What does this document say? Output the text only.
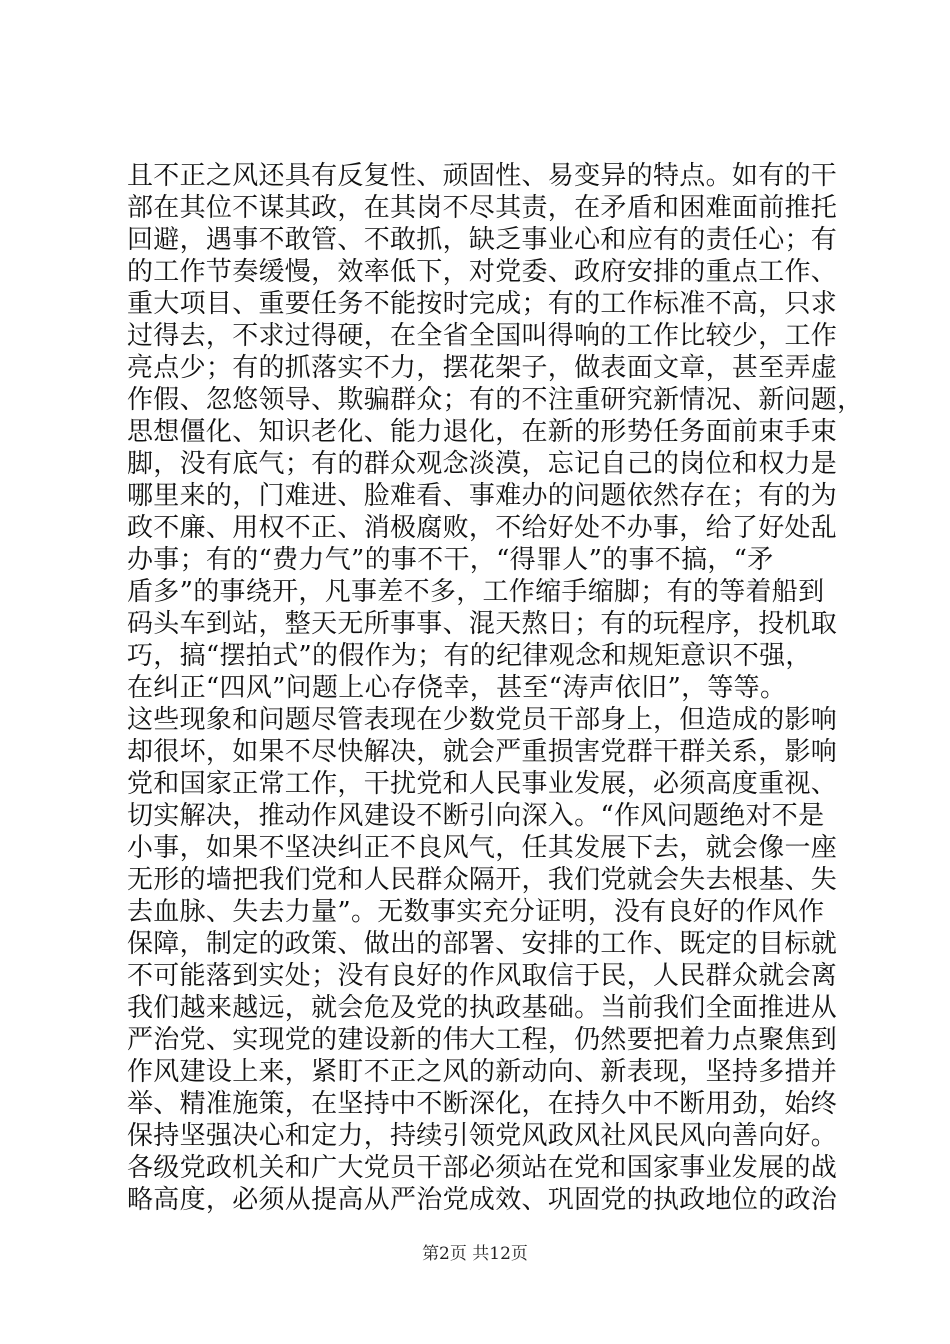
且不正之风还具有反复性、顽固性、易变异的特点。如有的干
部在其位不谋其政，在其岗不尽其责，在矛盾和困难面前推托
回避，遇事不敢管、不敢抓，缺乏事业心和应有的责任心；有
的工作节奏缓慢，效率低下，对党委、政府安排的重点工作、
重大项目、重要任务不能按时完成；有的工作标准不高，只求
过得去，不求过得硬，在全省全国叫得响的工作比较少，工作
亮点少；有的抓落实不力，摆花架子，做表面文章，甚至弄虚
作假、忽悠领导、欺骗群众；有的不注重研究新情况、新问题，
思想僵化、知识老化、能力退化，在新的形势任务面前束手束
脚，没有底气；有的群众观念淡漠，忘记自己的岗位和权力是
哪里来的，门难进、脸难看、事难办的问题依然存在；有的为
政不廉、用权不正、消极腐败，不给好处不办事，给了好处乱
办事；有的“费力气”的事不干，“得罪人”的事不搞，“矛
盾多”的事绕开，凡事差不多，工作缩手缩脚；有的等着船到
码头车到站，整天无所事事、混天熬日；有的玩程序，投机取
巧，搞“摆拍式”的假作为；有的纪律观念和规矩意识不强，
在纠正“四风”问题上心存侥幸，甚至“涛声依旧”，等等。
这些现象和问题尽管表现在少数党员干部身上，但造成的影响
却很坏，如果不尽快解决，就会严重损害党群干群关系，影响
党和国家正常工作，干扰党和人民事业发展，必须高度重视、
切实解决，推动作风建设不断引向深入。“作风问题绝对不是
小事，如果不坚决纠正不良风气，任其发展下去，就会像一座
无形的墙把我们党和人民群众隔开，我们党就会失去根基、失
去血脉、失去力量”。无数事实充分证明，没有良好的作风作
保障，制定的政策、做出的部署、安排的工作、既定的目标就
不可能落到实处；没有良好的作风取信于民，人民群众就会离
我们越来越远，就会危及党的执政基础。当前我们全面推进从
严治党、实现党的建设新的伟大工程，仍然要把着力点聚焦到
作风建设上来，紧盯不正之风的新动向、新表现，坚持多措并
举、精准施策，在坚持中不断深化，在持久中不断用劲，始终
保持坚强决心和定力，持续引领党风政风社风民风向善向好。
各级党政机关和广大党员干部必须站在党和国家事业发展的战
略高度，必须从提高从严治党成效、巩固党的执政地位的政治
第2页 共12页
